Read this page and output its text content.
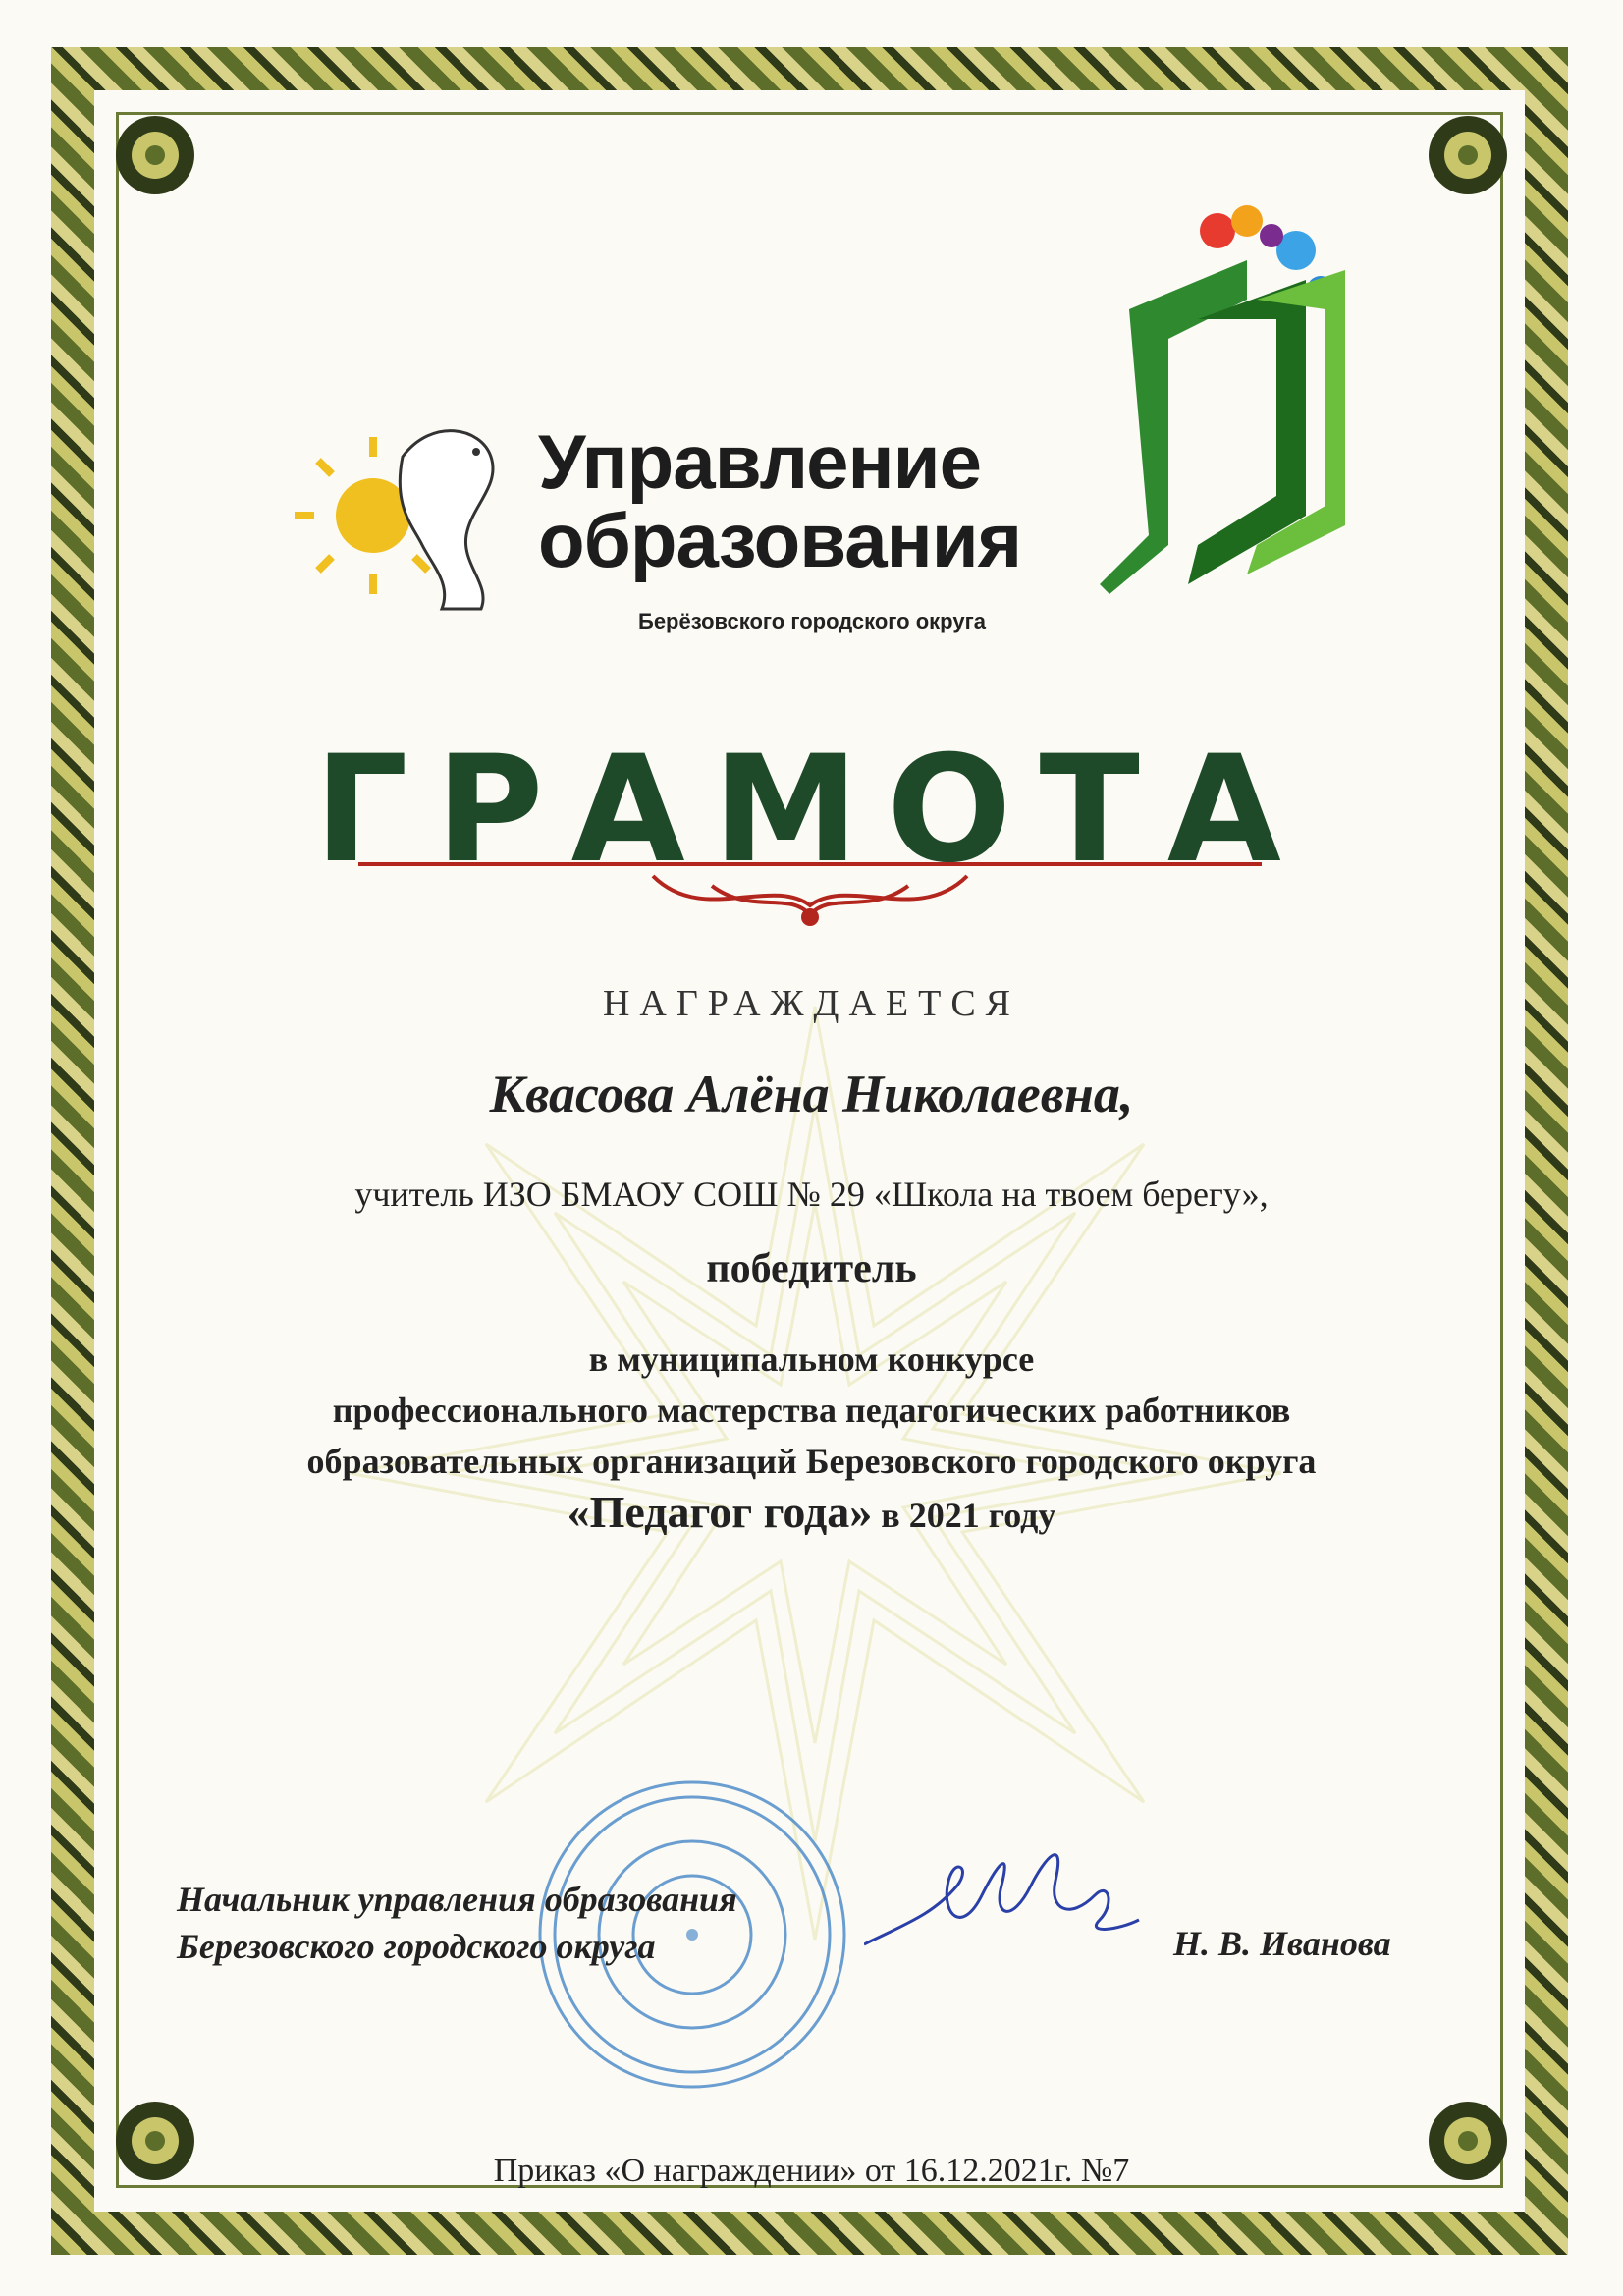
Управление
образования
Берёзовского городского округа
ГРАМОТА
НАГРАЖДАЕТСЯ
Квасова Алёна Николаевна,
учитель ИЗО БМАОУ СОШ № 29 «Школа на твоем берегу»,
победитель
в муниципальном конкурсе
профессионального мастерства педагогических работников
образовательных организаций Березовского городского округа
«Педагог года» в 2021 году
Начальник управления образования
Березовского городского округа	Н. В. Иванова
Приказ «О награждении» от 16.12.2021г. №7
